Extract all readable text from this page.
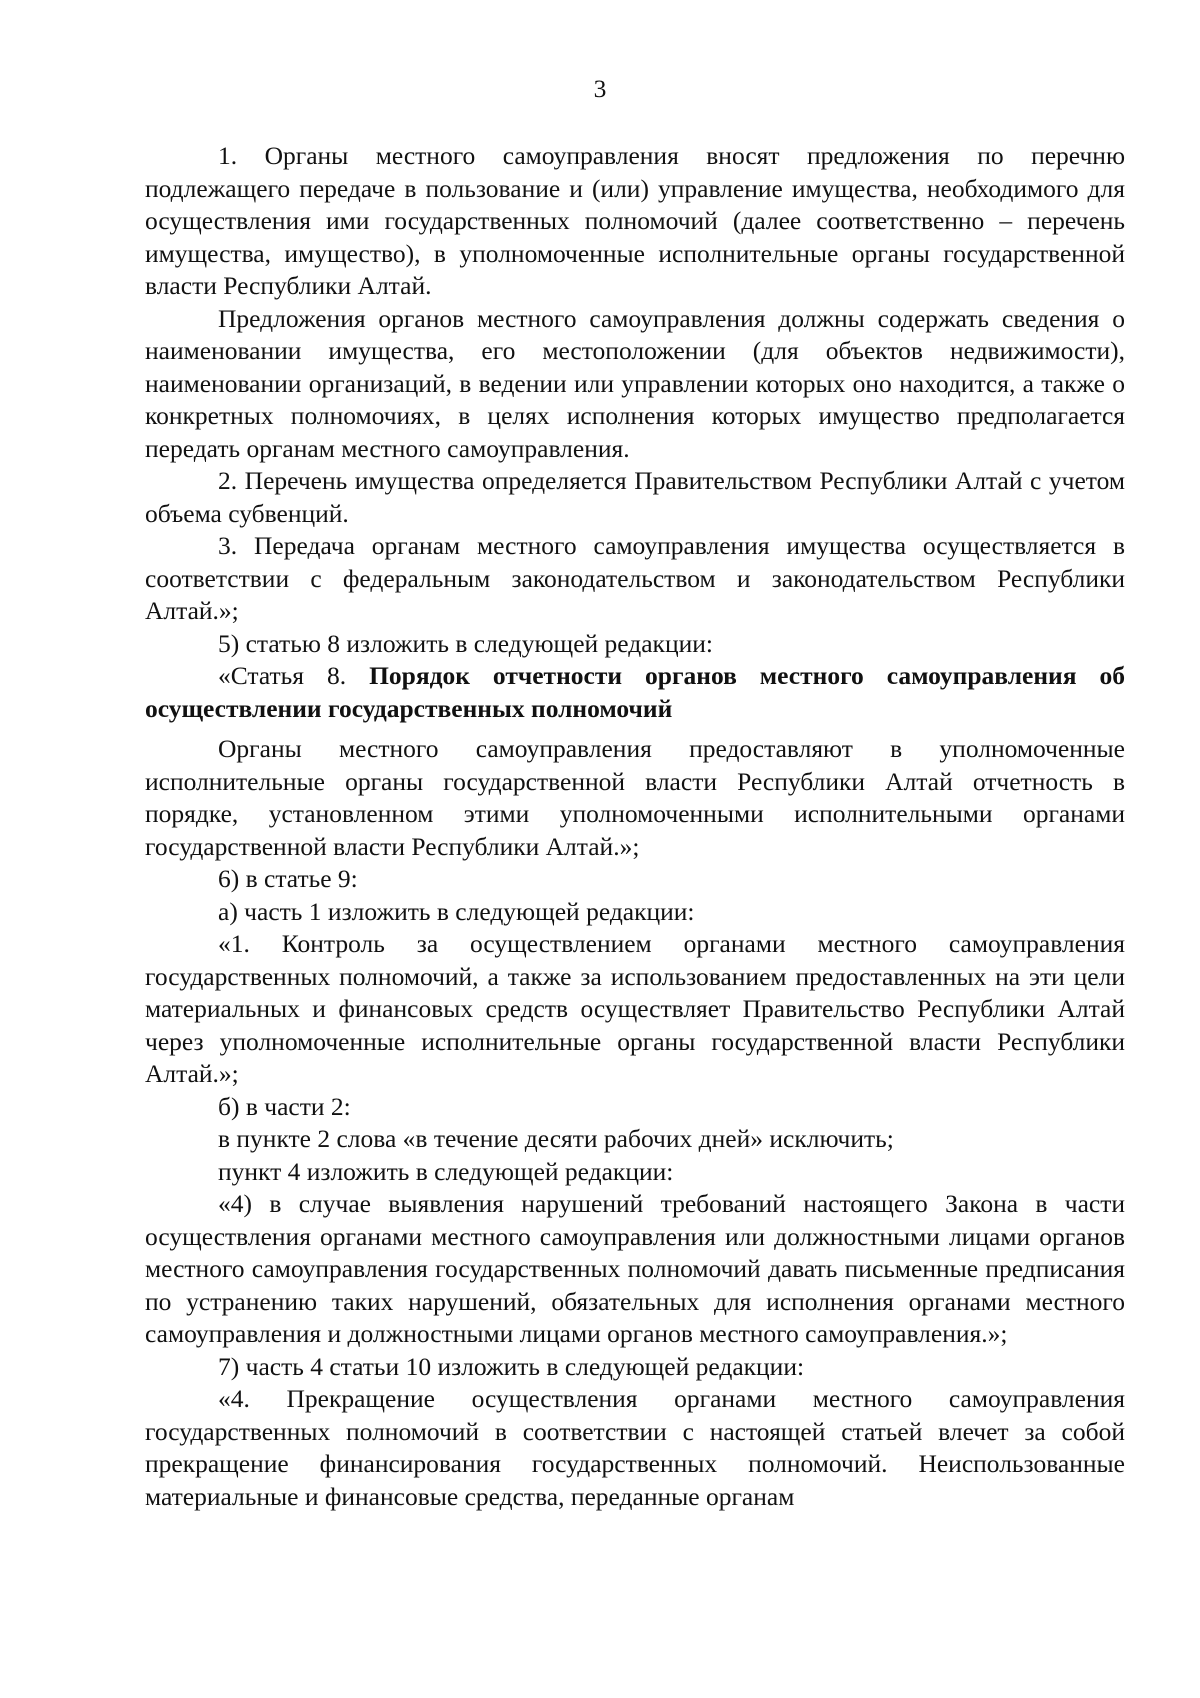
3

1. Органы местного самоуправления вносят предложения по перечню подлежащего передаче в пользование и (или) управление имущества, необходимого для осуществления ими государственных полномочий (далее соответственно – перечень имущества, имущество), в уполномоченные исполнительные органы государственной власти Республики Алтай.

Предложения органов местного самоуправления должны содержать сведения о наименовании имущества, его местоположении (для объектов недвижимости), наименовании организаций, в ведении или управлении которых оно находится, а также о конкретных полномочиях, в целях исполнения которых имущество предполагается передать органам местного самоуправления.

2. Перечень имущества определяется Правительством Республики Алтай с учетом объема субвенций.

3. Передача органам местного самоуправления имущества осуществляется в соответствии с федеральным законодательством и законодательством Республики Алтай.»;

5) статью 8 изложить в следующей редакции:

«Статья 8. Порядок отчетности органов местного самоуправления об осуществлении государственных полномочий

Органы местного самоуправления предоставляют в уполномоченные исполнительные органы государственной власти Республики Алтай отчетность в порядке, установленном этими уполномоченными исполнительными органами государственной власти Республики Алтай.»;

6) в статье 9:

а) часть 1 изложить в следующей редакции:

«1. Контроль за осуществлением органами местного самоуправления государственных полномочий, а также за использованием предоставленных на эти цели материальных и финансовых средств осуществляет Правительство Республики Алтай через уполномоченные исполнительные органы государственной власти Республики Алтай.»;

б) в части 2:

в пункте 2 слова «в течение десяти рабочих дней» исключить;

пункт 4 изложить в следующей редакции:

«4) в случае выявления нарушений требований настоящего Закона в части осуществления органами местного самоуправления или должностными лицами органов местного самоуправления государственных полномочий давать письменные предписания по устранению таких нарушений, обязательных для исполнения органами местного самоуправления и должностными лицами органов местного самоуправления.»;

7) часть 4 статьи 10 изложить в следующей редакции:

«4. Прекращение осуществления органами местного самоуправления государственных полномочий в соответствии с настоящей статьей влечет за собой прекращение финансирования государственных полномочий. Неиспользованные материальные и финансовые средства, переданные органам
